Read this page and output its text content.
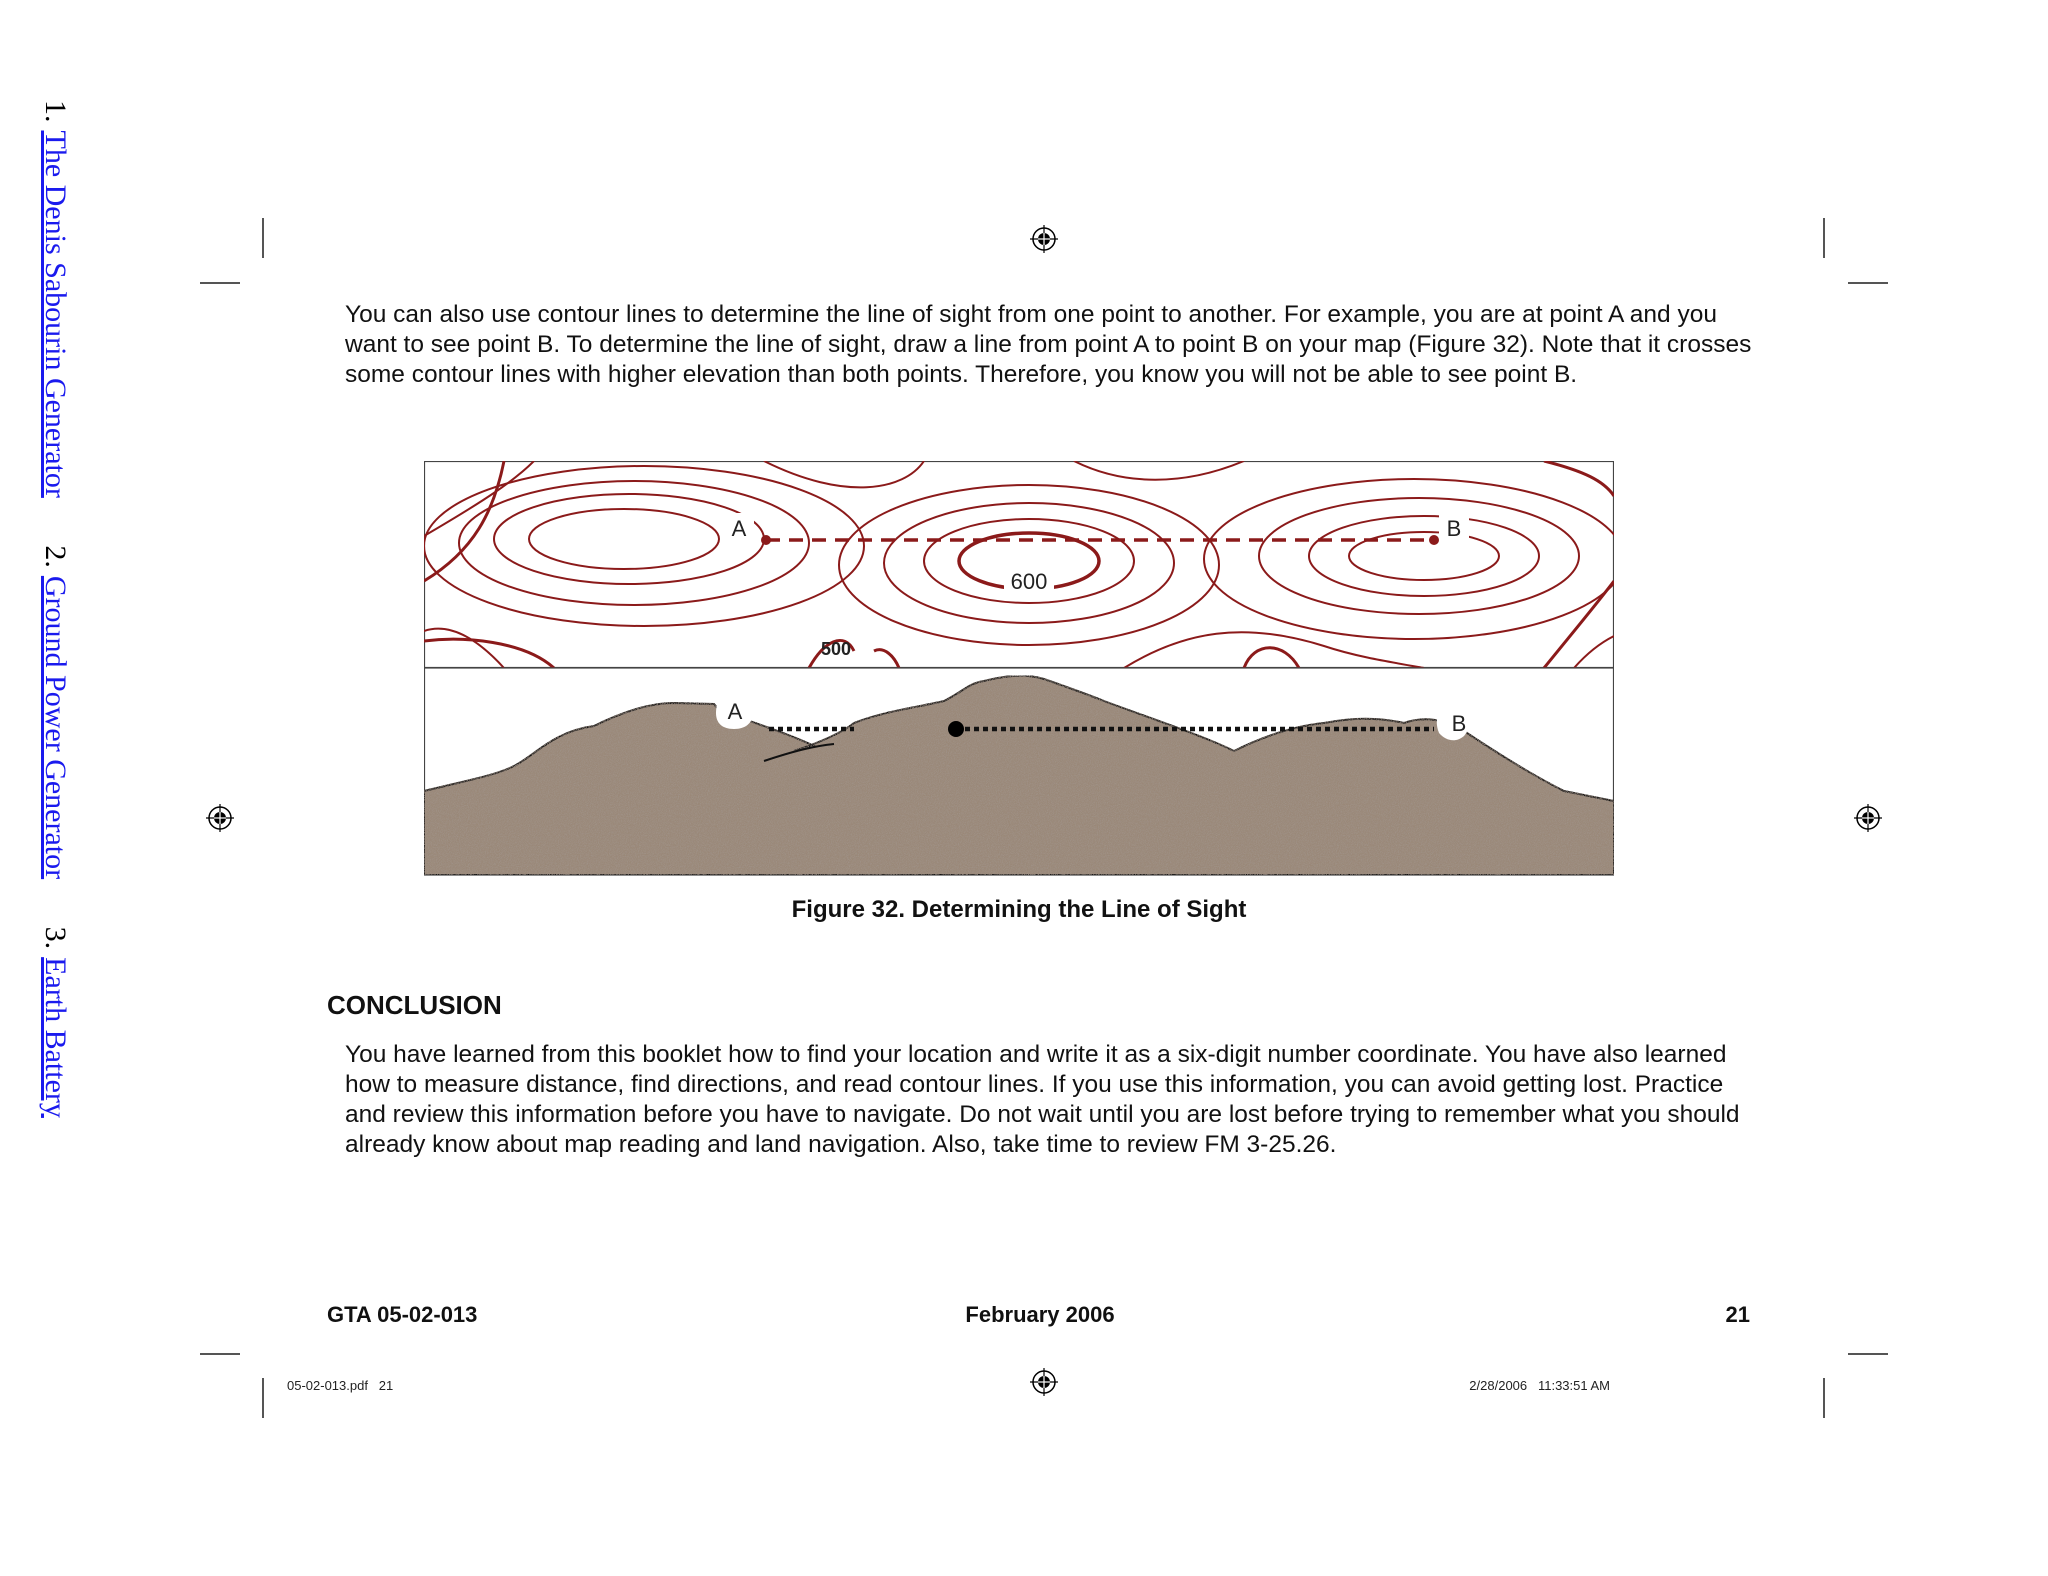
1.The Denis Sabourin Generator 2.Ground Power Generator 3.Earth Battery

You can also use contour lines to determine the line of sight from one point to another. For example, you are at point A and you want to see point B. To determine the line of sight, draw a line from point A to point B on your map (Figure 32). Note that it crosses some contour lines with higher elevation than both points. Therefore, you know you will not be able to see point B.

A	B
600
500
A	B
Figure 32. Determining the Line of Sight
CONCLUSION

You have learned from this booklet how to find your location and write it as a six-digit number coordinate. You have also learned how to measure distance, find directions, and read contour lines. If you use this information, you can avoid getting lost. Practice and review this information before you have to navigate. Do not wait until you are lost before trying to remember what you should already know about map reading and land navigation. Also, take time to review FM 3-25.26.

GTA 05-02-013	February 2006	21
05-02-013.pdf   21	2/28/2006   11:33:51 AM
